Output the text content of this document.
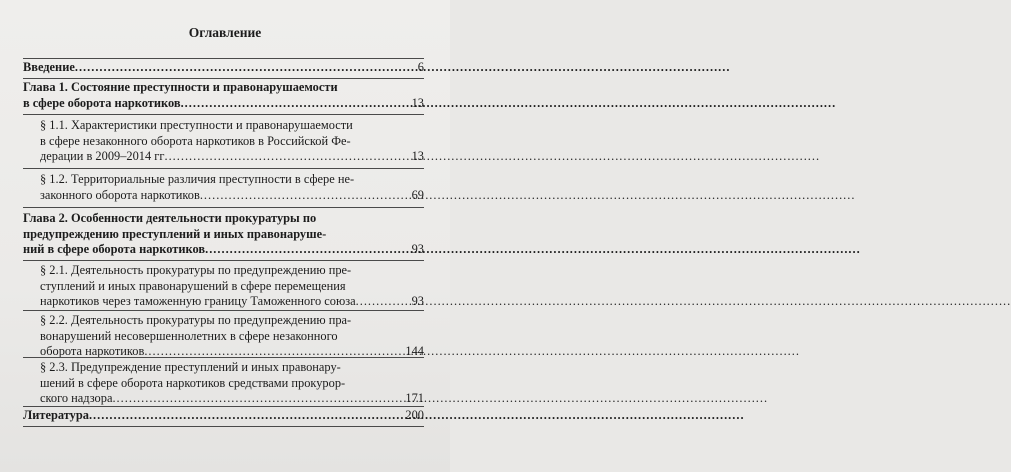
Оглавление
Введение .....	6
Глава 1. Состояние преступности и правонарушаемости
в сфере оборота наркотиков .....	13
§ 1.1. Характеристики преступности и правонарушаемости
в сфере незаконного оборота наркотиков в Российской Фе-
дерации в 2009–2014 гг .....	13
§ 1.2. Территориальные различия преступности в сфере не-
законного оборота наркотиков .....	69
Глава 2. Особенности деятельности прокуратуры по
предупреждению преступлений и иных правонаруше-
ний в сфере оборота наркотиков .....	93
§ 2.1. Деятельность прокуратуры по предупреждению пре-
ступлений и иных правонарушений в сфере перемещения
наркотиков через таможенную границу Таможенного союза .....	93
§ 2.2. Деятельность прокуратуры по предупреждению пра-
вонарушений несовершеннолетних в сфере незаконного
оборота наркотиков .....	144
§ 2.3. Предупреждение преступлений и иных правонару-
шений в сфере оборота наркотиков средствами прокурор-
ского надзора .....	171
Литература .....	200
